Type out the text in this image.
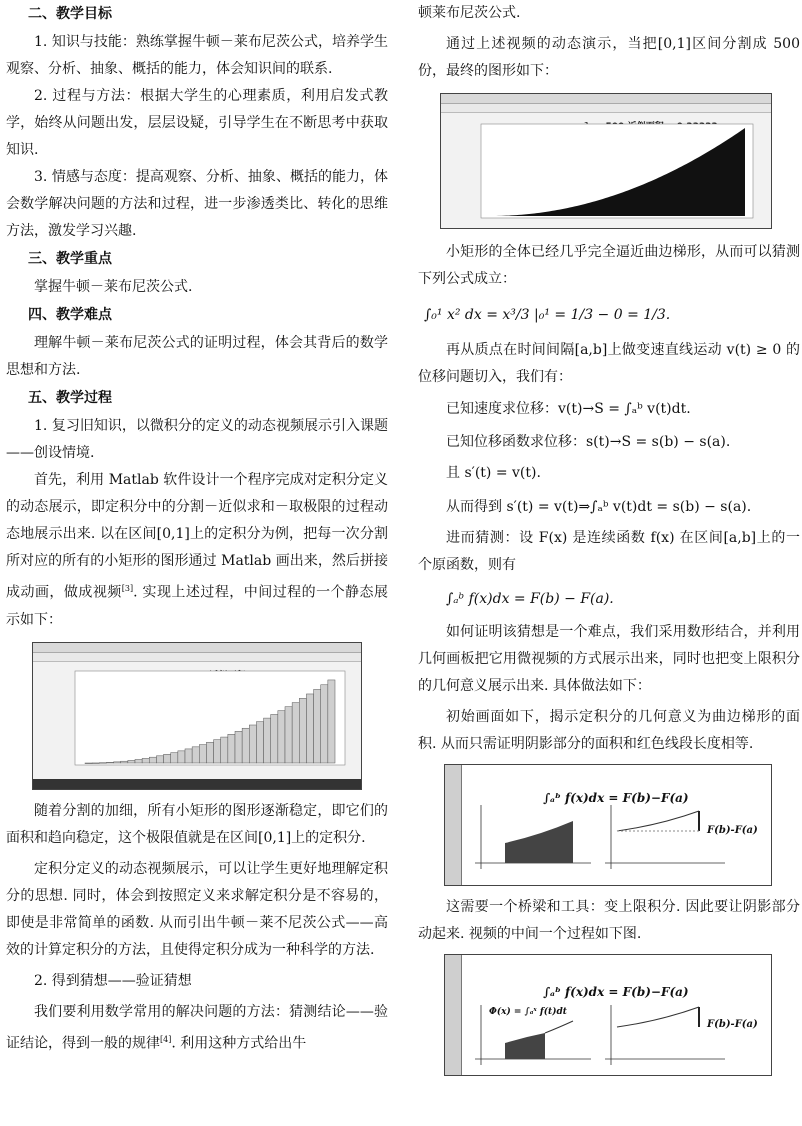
二、教学目标

1. 知识与技能：熟练掌握牛顿－莱布尼茨公式，培养学生观察、分析、抽象、概括的能力，体会知识间的联系.

2. 过程与方法：根据大学生的心理素质，利用启发式教学，始终从问题出发，层层设疑，引导学生在不断思考中获取知识.

3. 情感与态度：提高观察、分析、抽象、概括的能力，体会数学解决问题的方法和过程，进一步渗透类比、转化的思维方法，激发学习兴趣.

三、教学重点

掌握牛顿－莱布尼茨公式.

四、教学难点

理解牛顿－莱布尼茨公式的证明过程，体会其背后的数学思想和方法.

五、教学过程

1. 复习旧知识，以微积分的定义的动态视频展示引入课题——创设情境.

首先，利用 Matlab 软件设计一个程序完成对定积分定义的动态展示，即定积分中的分割－近似求和－取极限的过程动态地展示出来. 以在区间[0,1]上的定积分为例，把每一次分割所对应的所有的小矩形的图形通过 Matlab 画出来，然后拼接成动画，做成视频[3]. 实现上述过程，中间过程的一个静态展示如下：

随着分割的加细，所有小矩形的图形逐渐稳定，即它们的面积和趋向稳定，这个极限值就是在区间[0,1]上的定积分.

定积分定义的动态视频展示，可以让学生更好地理解定积分的思想. 同时，体会到按照定义来求解定积分是不容易的，即使是非常简单的函数. 从而引出牛顿－莱不尼茨公式——高效的计算定积分的方法，且使得定积分成为一种科学的方法.

2. 得到猜想——验证猜想

我们要利用数学常用的解决问题的方法：猜测结论——验证结论，得到一般的规律[4]. 利用这种方式给出牛

顿莱布尼茨公式.

通过上述视频的动态演示，当把[0,1]区间分割成 500 份，最终的图形如下：

小矩形的全体已经几乎完全逼近曲边梯形，从而可以猜测下列公式成立：

∫₀¹ x² dx = x³/3 |₀¹ = 1/3 − 0 = 1/3.

再从质点在时间间隔[a,b]上做变速直线运动 v(t) ≥ 0 的位移问题切入，我们有：

已知速度求位移：v(t)→S = ∫ₐᵇ v(t)dt.
已知位移函数求位移：s(t)→S = s(b) − s(a).
且 s′(t) = v(t).
从而得到 s′(t) = v(t)⇒∫ₐᵇ v(t)dt = s(b) − s(a).

进而猜测：设 F(x) 是连续函数 f(x) 在区间[a,b]上的一个原函数，则有

∫ₐᵇ f(x)dx = F(b) − F(a).

如何证明该猜想是一个难点，我们采用数形结合，并利用几何画板把它用微视频的方式展示出来，同时也把变上限积分的几何意义展示出来. 具体做法如下：

初始画面如下，揭示定积分的几何意义为曲边梯形的面积. 从而只需证明阴影部分的面积和红色线段长度相等.

∫ₐᵇ f(x)dx = F(b)−F(a)
F(b)-F(a)

这需要一个桥梁和工具：变上限积分. 因此要让阴影部分动起来. 视频的中间一个过程如下图.

∫ₐᵇ f(x)dx = F(b)−F(a)
Φ(x) = ∫ₐˣ f(t)dt
F(b)-F(a)
